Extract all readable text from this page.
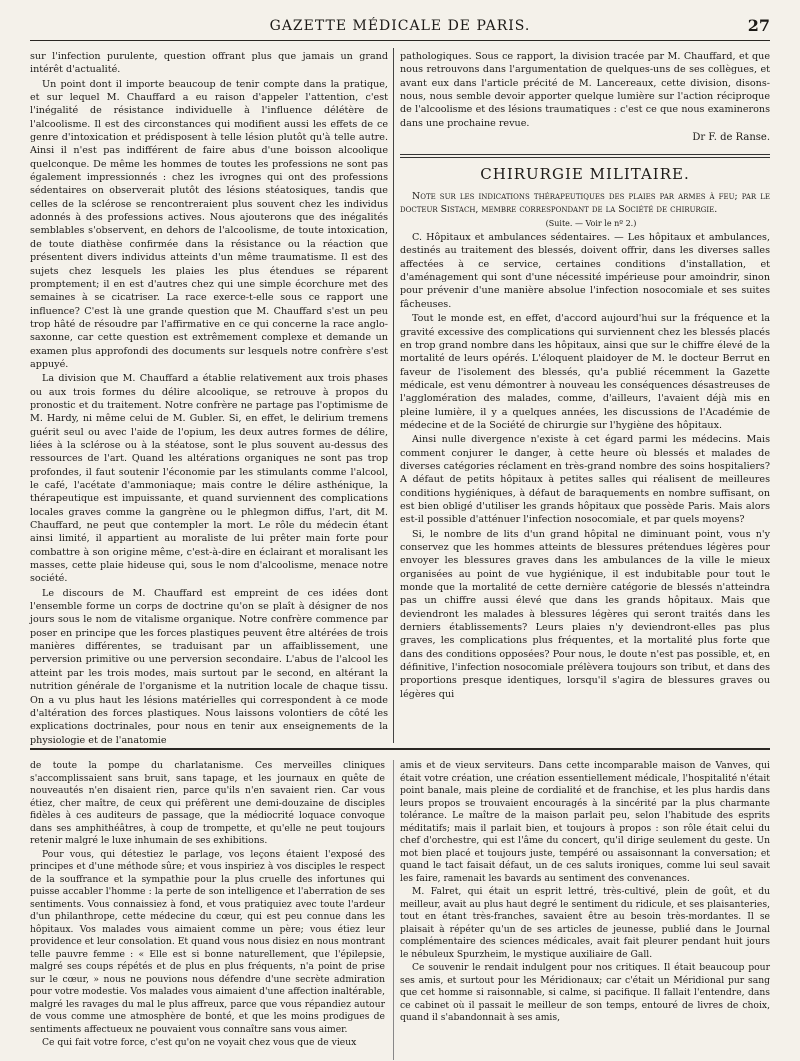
GAZETTE MÉDICALE DE PARIS.	27

sur l'infection purulente, question offrant plus que jamais un grand intérêt d'actualité.

Un point dont il importe beaucoup de tenir compte dans la pratique, et sur lequel M. Chauffard a eu raison d'appeler l'attention, c'est l'inégalité de résistance individuelle à l'influence délétère de l'alcoolisme. Il est des circonstances qui modifient aussi les effets de ce genre d'intoxication et prédisposent à telle lésion plutôt qu'à telle autre. Ainsi il n'est pas indifférent de faire abus d'une boisson alcoolique quelconque. De même les hommes de toutes les professions ne sont pas également impressionnés : chez les ivrognes qui ont des professions sédentaires on observerait plutôt des lésions stéatosiques, tandis que celles de la sclérose se rencontreraient plus souvent chez les individus adonnés à des professions actives. Nous ajouterons que des inégalités semblables s'observent, en dehors de l'alcoolisme, de toute intoxication, de toute diathèse confirmée dans la résistance ou la réaction que présentent divers individus atteints d'un même traumatisme. Il est des sujets chez lesquels les plaies les plus étendues se réparent promptement; il en est d'autres chez qui une simple écorchure met des semaines à se cicatriser. La race exerce-t-elle sous ce rapport une influence? C'est là une grande question que M. Chauffard s'est un peu trop hâté de résoudre par l'affirmative en ce qui concerne la race anglo-saxonne, car cette question est extrêmement complexe et demande un examen plus approfondi des documents sur lesquels notre confrère s'est appuyé.

La division que M. Chauffard a établie relativement aux trois phases ou aux trois formes du délire alcoolique, se retrouve à propos du pronostic et du traitement. Notre confrère ne partage pas l'optimisme de M. Hardy, ni même celui de M. Gubler. Si, en effet, le delirium tremens guérit seul ou avec l'aide de l'opium, les deux autres formes de délire, liées à la sclérose ou à la stéatose, sont le plus souvent au-dessus des ressources de l'art. Quand les altérations organiques ne sont pas trop profondes, il faut soutenir l'économie par les stimulants comme l'alcool, le café, l'acétate d'ammoniaque; mais contre le délire asthénique, la thérapeutique est impuissante, et quand surviennent des complications locales graves comme la gangrène ou le phlegmon diffus, l'art, dit M. Chauffard, ne peut que contempler la mort. Le rôle du médecin étant ainsi limité, il appartient au moraliste de lui prêter main forte pour combattre à son origine même, c'est-à-dire en éclairant et moralisant les masses, cette plaie hideuse qui, sous le nom d'alcoolisme, menace notre société.

Le discours de M. Chauffard est empreint de ces idées dont l'ensemble forme un corps de doctrine qu'on se plaît à désigner de nos jours sous le nom de vitalisme organique. Notre confrère commence par poser en principe que les forces plastiques peuvent être altérées de trois manières différentes, se traduisant par un affaiblissement, une perversion primitive ou une perversion secondaire. L'abus de l'alcool les atteint par les trois modes, mais surtout par le second, en altérant la nutrition générale de l'organisme et la nutrition locale de chaque tissu. On a vu plus haut les lésions matérielles qui correspondent à ce mode d'altération des forces plastiques. Nous laissons volontiers de côté les explications doctrinales, pour nous en tenir aux enseignements de la physiologie et de l'anatomie

pathologiques. Sous ce rapport, la division tracée par M. Chauffard, et que nous retrouvons dans l'argumentation de quelques-uns de ses collègues, et avant eux dans l'article précité de M. Lancereaux, cette division, disons-nous, nous semble devoir apporter quelque lumière sur l'action réciproque de l'alcoolisme et des lésions traumatiques : c'est ce que nous examinerons dans une prochaine revue.

Dr F. de Ranse.

CHIRURGIE MILITAIRE.

Note sur les indications thérapeutiques des plaies par armes à feu; par le docteur Sistach, membre correspondant de la Société de chirurgie.

(Suite. — Voir le nº 2.)

C. Hôpitaux et ambulances sédentaires. — Les hôpitaux et ambulances, destinés au traitement des blessés, doivent offrir, dans les diverses salles affectées à ce service, certaines conditions d'installation, et d'aménagement qui sont d'une nécessité impérieuse pour amoindrir, sinon pour prévenir d'une manière absolue l'infection nosocomiale et ses suites fâcheuses.

Tout le monde est, en effet, d'accord aujourd'hui sur la fréquence et la gravité excessive des complications qui surviennent chez les blessés placés en trop grand nombre dans les hôpitaux, ainsi que sur le chiffre élevé de la mortalité de leurs opérés. L'éloquent plaidoyer de M. le docteur Berrut en faveur de l'isolement des blessés, qu'a publié récemment la Gazette médicale, est venu démontrer à nouveau les conséquences désastreuses de l'agglomération des malades, comme, d'ailleurs, l'avaient déjà mis en pleine lumière, il y a quelques années, les discussions de l'Académie de médecine et de la Société de chirurgie sur l'hygiène des hôpitaux.

Ainsi nulle divergence n'existe à cet égard parmi les médecins. Mais comment conjurer le danger, à cette heure où blessés et malades de diverses catégories réclament en très-grand nombre des soins hospitaliers? A défaut de petits hôpitaux à petites salles qui réalisent de meilleures conditions hygiéniques, à défaut de baraquements en nombre suffisant, on est bien obligé d'utiliser les grands hôpitaux que possède Paris. Mais alors est-il possible d'atténuer l'infection nosocomiale, et par quels moyens?

Si, le nombre de lits d'un grand hôpital ne diminuant point, vous n'y conservez que les hommes atteints de blessures prétendues légères pour envoyer les blessures graves dans les ambulances de la ville le mieux organisées au point de vue hygiénique, il est indubitable pour tout le monde que la mortalité de cette dernière catégorie de blessés n'atteindra pas un chiffre aussi élevé que dans les grands hôpitaux. Mais que deviendront les malades à blessures légères qui seront traités dans les derniers établissements? Leurs plaies n'y deviendront-elles pas plus graves, les complications plus fréquentes, et la mortalité plus forte que dans des conditions opposées? Pour nous, le doute n'est pas possible, et, en définitive, l'infection nosocomiale prélèvera toujours son tribut, et dans des proportions presque identiques, lorsqu'il s'agira de blessures graves ou légères qui

de toute la pompe du charlatanisme. Ces merveilles cliniques s'accomplissaient sans bruit, sans tapage, et les journaux en quête de nouveautés n'en disaient rien, parce qu'ils n'en savaient rien. Car vous étiez, cher maître, de ceux qui préfèrent une demi-douzaine de disciples fidèles à ces auditeurs de passage, que la médiocrité loquace convoque dans ses amphithéâtres, à coup de trompette, et qu'elle ne peut toujours retenir malgré le luxe inhumain de ses exhibitions.

Pour vous, qui détestiez le parlage, vos leçons étaient l'exposé des principes et d'une méthode sûre; et vous inspiriez à vos disciples le respect de la souffrance et la sympathie pour la plus cruelle des infortunes qui puisse accabler l'homme : la perte de son intelligence et l'aberration de ses sentiments. Vous connaissiez à fond, et vous pratiquiez avec toute l'ardeur d'un philanthrope, cette médecine du cœur, qui est peu connue dans les hôpitaux. Vos malades vous aimaient comme un père; vous étiez leur providence et leur consolation. Et quand vous nous disiez en nous montrant telle pauvre femme : « Elle est si bonne naturellement, que l'épilepsie, malgré ses coups répétés et de plus en plus fréquents, n'a point de prise sur le cœur, » nous ne pouvions nous défendre d'une secrète admiration pour votre modestie. Vos malades vous aimaient d'une affection inaltérable, malgré les ravages du mal le plus affreux, parce que vous répandiez autour de vous comme une atmosphère de bonté, et que les moins prodigues de sentiments affectueux ne pouvaient vous connaître sans vous aimer.

Ce qui fait votre force, c'est qu'on ne voyait chez vous que de vieux

amis et de vieux serviteurs. Dans cette incomparable maison de Vanves, qui était votre création, une création essentiellement médicale, l'hospitalité n'était point banale, mais pleine de cordialité et de franchise, et les plus hardis dans leurs propos se trouvaient encouragés à la sincérité par la plus charmante tolérance. Le maître de la maison parlait peu, selon l'habitude des esprits méditatifs; mais il parlait bien, et toujours à propos : son rôle était celui du chef d'orchestre, qui est l'âme du concert, qu'il dirige seulement du geste. Un mot bien placé et toujours juste, tempéré ou assaisonnant la conversation; et quand le tact faisait défaut, un de ces saluts ironiques, comme lui seul savait les faire, ramenait les bavards au sentiment des convenances.

M. Falret, qui était un esprit lettré, très-cultivé, plein de goût, et du meilleur, avait au plus haut degré le sentiment du ridicule, et ses plaisanteries, tout en étant très-franches, savaient être au besoin très-mordantes. Il se plaisait à répéter qu'un de ses articles de jeunesse, publié dans le Journal complémentaire des sciences médicales, avait fait pleurer pendant huit jours le nébuleux Spurzheim, le mystique auxiliaire de Gall.

Ce souvenir le rendait indulgent pour nos critiques. Il était beaucoup pour ses amis, et surtout pour les Méridionaux; car c'était un Méridional pur sang que cet homme si raisonnable, si calme, si pacifique. Il fallait l'entendre, dans ce cabinet où il passait le meilleur de son temps, entouré de livres de choix, quand il s'abandonnait à ses amis,
